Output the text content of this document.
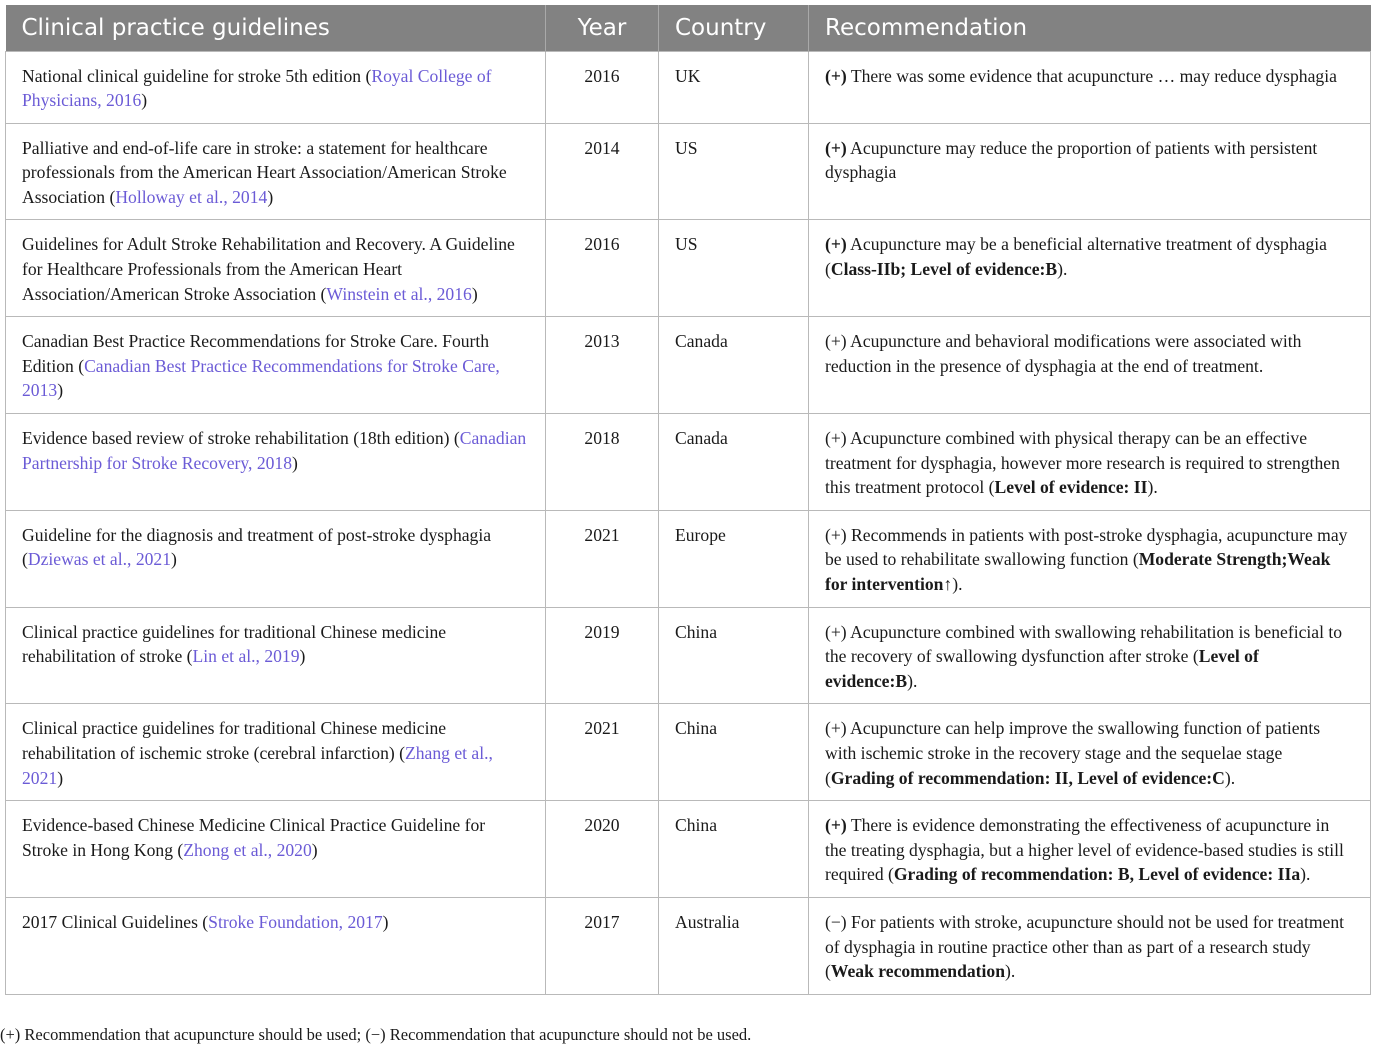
Clinical practice guidelines	Year	Country	Recommendation
National clinical guideline for stroke 5th edition (Royal College of Physicians, 2016)	2016	UK	(+) There was some evidence that acupuncture … may reduce dysphagia
Palliative and end-of-life care in stroke: a statement for healthcare professionals from the American Heart Association/American Stroke Association (Holloway et al., 2014)	2014	US	(+) Acupuncture may reduce the proportion of patients with persistent dysphagia
Guidelines for Adult Stroke Rehabilitation and Recovery. A Guideline for Healthcare Professionals from the American Heart Association/American Stroke Association (Winstein et al., 2016)	2016	US	(+) Acupuncture may be a beneficial alternative treatment of dysphagia (Class-IIb; Level of evidence:B).
Canadian Best Practice Recommendations for Stroke Care. Fourth Edition (Canadian Best Practice Recommendations for Stroke Care, 2013)	2013	Canada	(+) Acupuncture and behavioral modifications were associated with reduction in the presence of dysphagia at the end of treatment.
Evidence based review of stroke rehabilitation (18th edition) (Canadian Partnership for Stroke Recovery, 2018)	2018	Canada	(+) Acupuncture combined with physical therapy can be an effective treatment for dysphagia, however more research is required to strengthen this treatment protocol (Level of evidence: II).
Guideline for the diagnosis and treatment of post-stroke dysphagia (Dziewas et al., 2021)	2021	Europe	(+) Recommends in patients with post-stroke dysphagia, acupuncture may be used to rehabilitate swallowing function (Moderate Strength;Weak for intervention↑).
Clinical practice guidelines for traditional Chinese medicine rehabilitation of stroke (Lin et al., 2019)	2019	China	(+) Acupuncture combined with swallowing rehabilitation is beneficial to the recovery of swallowing dysfunction after stroke (Level of evidence:B).
Clinical practice guidelines for traditional Chinese medicine rehabilitation of ischemic stroke (cerebral infarction) (Zhang et al., 2021)	2021	China	(+) Acupuncture can help improve the swallowing function of patients with ischemic stroke in the recovery stage and the sequelae stage (Grading of recommendation: II, Level of evidence:C).
Evidence-based Chinese Medicine Clinical Practice Guideline for Stroke in Hong Kong (Zhong et al., 2020)	2020	China	(+) There is evidence demonstrating the effectiveness of acupuncture in the treating dysphagia, but a higher level of evidence-based studies is still required (Grading of recommendation: B, Level of evidence: IIa).
2017 Clinical Guidelines (Stroke Foundation, 2017)	2017	Australia	(−) For patients with stroke, acupuncture should not be used for treatment of dysphagia in routine practice other than as part of a research study (Weak recommendation).
(+) Recommendation that acupuncture should be used; (−) Recommendation that acupuncture should not be used.
